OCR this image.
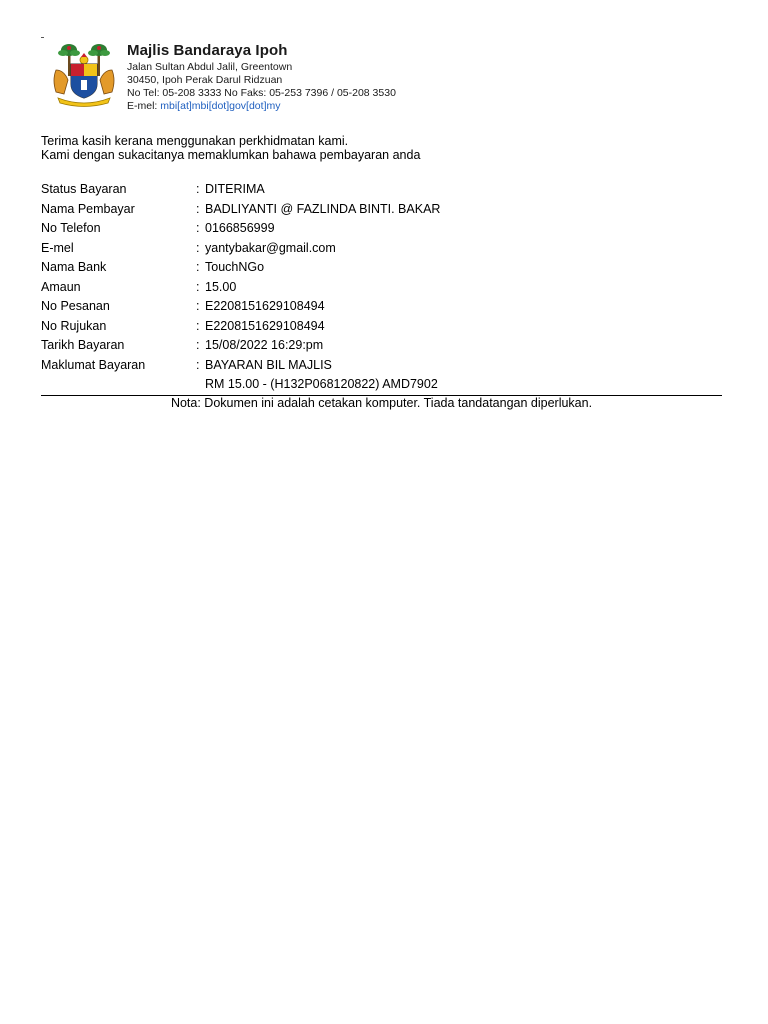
Majlis Bandaraya Ipoh
Jalan Sultan Abdul Jalil, Greentown
30450, Ipoh Perak Darul Ridzuan
No Tel: 05-208 3333 No Faks: 05-253 7396 / 05-208 3530
E-mel: mbi[at]mbi[dot]gov[dot]my
Terima kasih kerana menggunakan perkhidmatan kami.
Kami dengan sukacitanya memaklumkan bahawa pembayaran anda
Status Bayaran	: DITERIMA
Nama Pembayar	: BADLIYANTI @ FAZLINDA BINTI. BAKAR
No Telefon	: 0166856999
E-mel	: yantybakar@gmail.com
Nama Bank	: TouchNGo
Amaun	: 15.00
No Pesanan	: E2208151629108494
No Rujukan	: E2208151629108494
Tarikh Bayaran	: 15/08/2022 16:29:pm
Maklumat Bayaran	: BAYARAN BIL MAJLIS
RM 15.00 - (H132P068120822) AMD7902
Nota: Dokumen ini adalah cetakan komputer. Tiada tandatangan diperlukan.
